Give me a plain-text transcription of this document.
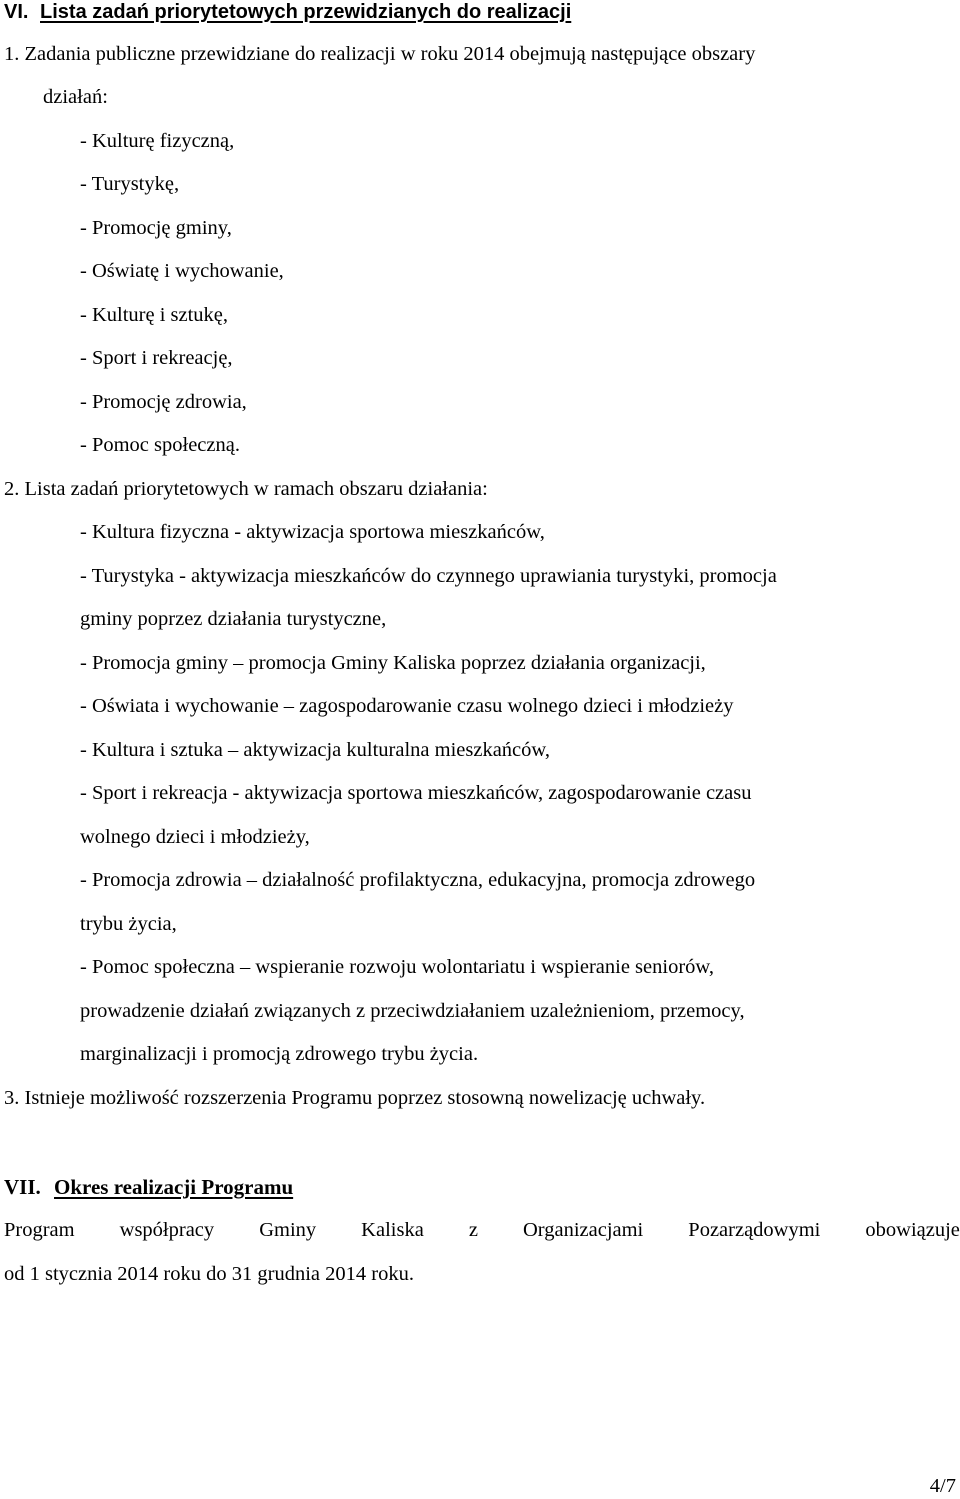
VI. Lista zadań priorytetowych przewidzianych do realizacji
1. Zadania publiczne przewidziane do realizacji w roku 2014 obejmują następujące obszary
działań:
- Kulturę fizyczną,
- Turystykę,
- Promocję gminy,
- Oświatę i wychowanie,
- Kulturę i sztukę,
- Sport i rekreację,
- Promocję zdrowia,
- Pomoc społeczną.
2. Lista zadań priorytetowych w ramach obszaru działania:
- Kultura fizyczna - aktywizacja sportowa mieszkańców,
- Turystyka - aktywizacja mieszkańców do czynnego uprawiania turystyki, promocja
gminy poprzez działania turystyczne,
- Promocja gminy – promocja Gminy Kaliska poprzez działania organizacji,
- Oświata i wychowanie – zagospodarowanie czasu wolnego dzieci i młodzieży
- Kultura i sztuka – aktywizacja kulturalna mieszkańców,
- Sport i rekreacja - aktywizacja sportowa mieszkańców, zagospodarowanie czasu
wolnego dzieci i młodzieży,
- Promocja zdrowia – działalność profilaktyczna, edukacyjna, promocja zdrowego
trybu życia,
- Pomoc społeczna – wspieranie rozwoju wolontariatu i wspieranie seniorów,
prowadzenie działań związanych z przeciwdziałaniem uzależnieniom, przemocy,
marginalizacji i promocją zdrowego trybu życia.
3. Istnieje możliwość rozszerzenia Programu poprzez stosowną nowelizację uchwały.
VII. Okres realizacji Programu
Program współpracy Gminy Kaliska z Organizacjami Pozarządowymi obowiązuje
od 1 stycznia 2014 roku do 31 grudnia 2014 roku.
4/7
